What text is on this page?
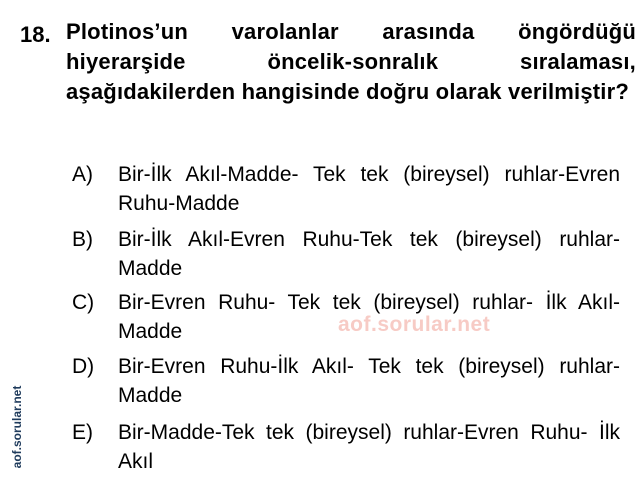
18. Plotinos’un varolanlar arasında öngördüğü hiyerarşide öncelik-sonralık sıralaması, aşağıdakilerden hangisinde doğru olarak verilmiştir?
A) Bir-İlk Akıl-Madde- Tek tek (bireysel) ruhlar-Evren Ruhu-Madde
B) Bir-İlk Akıl-Evren Ruhu-Tek tek (bireysel) ruhlar-Madde
C) Bir-Evren Ruhu- Tek tek (bireysel) ruhlar- İlk Akıl-Madde
D) Bir-Evren Ruhu-İlk Akıl- Tek tek (bireysel) ruhlar-Madde
E) Bir-Madde-Tek tek (bireysel) ruhlar-Evren Ruhu- İlk Akıl
aof.sorular.net
aof.sorular.net
